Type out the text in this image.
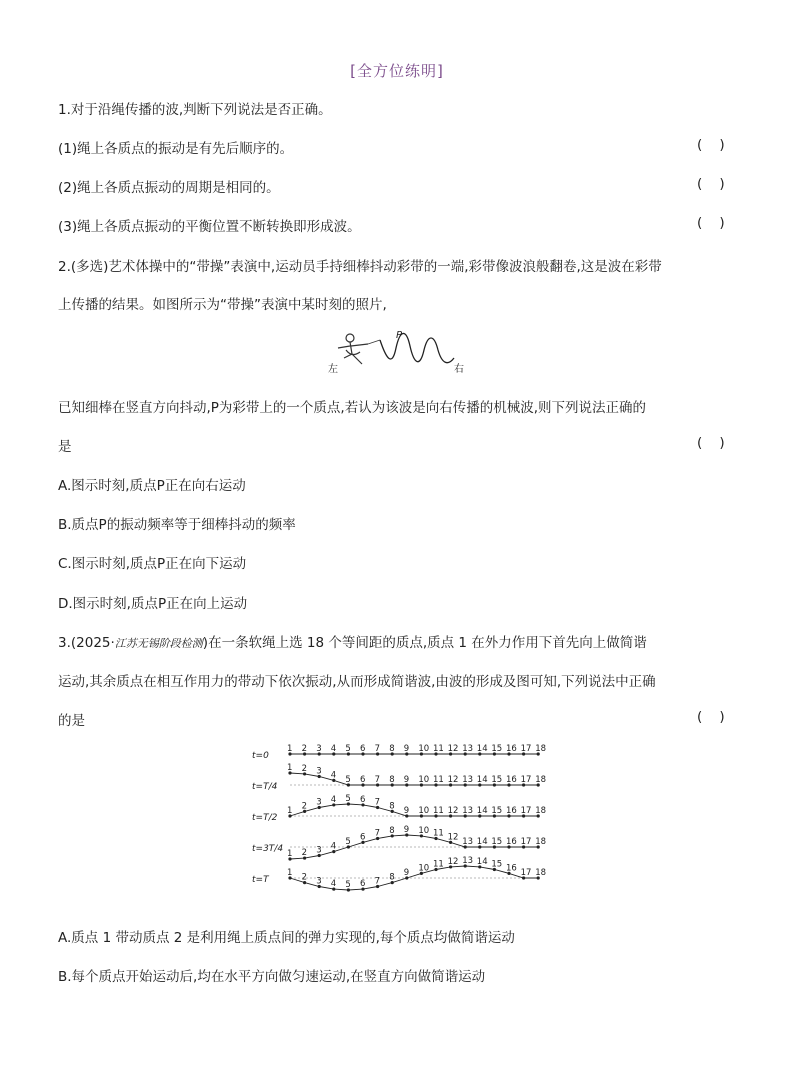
[全方位练明]
1.对于沿绳传播的波,判断下列说法是否正确。
(1)绳上各质点的振动是有先后顺序的。	(    )
(2)绳上各质点振动的周期是相同的。	(    )
(3)绳上各质点振动的平衡位置不断转换即形成波。	(    )
2.(多选)艺术体操中的“带操”表演中,运动员手持细棒抖动彩带的一端,彩带像波浪般翻卷,这是波在彩带
上传播的结果。如图所示为“带操”表演中某时刻的照片,
P
左	右
已知细棒在竖直方向抖动,P为彩带上的一个质点,若认为该波是向右传播的机械波,则下列说法正确的
是	(    )
A.图示时刻,质点P正在向右运动
B.质点P的振动频率等于细棒抖动的频率
C.图示时刻,质点P正在向下运动
D.图示时刻,质点P正在向上运动
3.(2025·江苏无锡阶段检测)在一条软绳上选 18 个等间距的质点,质点 1 在外力作用下首先向上做简谐
运动,其余质点在相互作用力的带动下依次振动,从而形成简谐波,由波的形成及图可知,下列说法中正确
的是	(    )
t=0
1 2 3 4 5 6 7 8 9 10 11 12 13 14 15 16 17 18
t=T/4
1 2 3 4 5 6 7 8 9 10 11 12 13 14 15 16 17 18
t=T/2
1 2 3 4 5 6 7 8 9 10 11 12 13 14 15 16 17 18
t=3T/4 1 2 3 4 5 6 7 8 9 10 11 12 13 14 15 16 17 18
t=T
1 2 3 4 5 6 7 8 9 10 11 12 13 14 15 16 17 18
A.质点 1 带动质点 2 是利用绳上质点间的弹力实现的,每个质点均做简谐运动
B.每个质点开始运动后,均在水平方向做匀速运动,在竖直方向做简谐运动
